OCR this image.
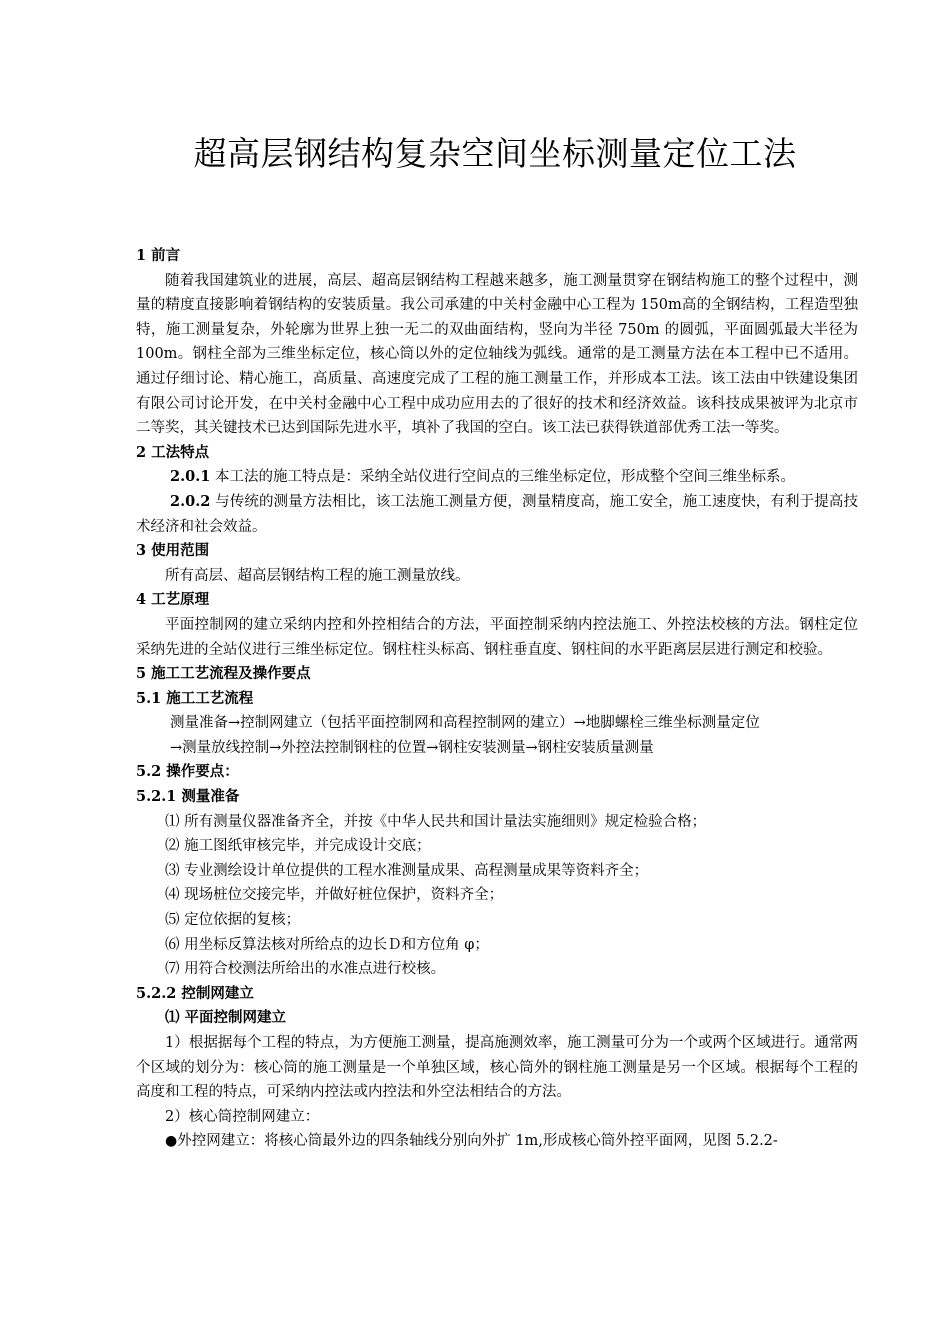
超高层钢结构复杂空间坐标测量定位工法

1 前言

随着我国建筑业的进展，高层、超高层钢结构工程越来越多，施工测量贯穿在钢结构施工的整个过程中，测量的精度直接影响着钢结构的安装质量。我公司承建的中关村金融中心工程为 150m高的全钢结构，工程造型独特，施工测量复杂，外轮廓为世界上独一无二的双曲面结构，竖向为半径 750m 的圆弧，平面圆弧最大半径为 100m。钢柱全部为三维坐标定位，核心筒以外的定位轴线为弧线。通常的是工测量方法在本工程中已不适用。通过仔细讨论、精心施工，高质量、高速度完成了工程的施工测量工作，并形成本工法。该工法由中铁建设集团有限公司讨论开发，在中关村金融中心工程中成功应用去的了很好的技术和经济效益。该科技成果被评为北京市二等奖，其关键技术已达到国际先进水平，填补了我国的空白。该工法已获得铁道部优秀工法一等奖。

2 工法特点

2.0.1 本工法的施工特点是：采纳全站仪进行空间点的三维坐标定位，形成整个空间三维坐标系。

2.0.2 与传统的测量方法相比，该工法施工测量方便，测量精度高，施工安全，施工速度快，有利于提高技术经济和社会效益。

3 使用范围

所有高层、超高层钢结构工程的施工测量放线。

4 工艺原理

平面控制网的建立采纳内控和外控相结合的方法，平面控制采纳内控法施工、外控法校核的方法。钢柱定位采纳先进的全站仪进行三维坐标定位。钢柱柱头标高、钢柱垂直度、钢柱间的水平距离层层进行测定和校验。

5 施工工艺流程及操作要点

5.1 施工工艺流程

测量准备→控制网建立（包括平面控制网和高程控制网的建立）→地脚螺栓三维坐标测量定位

→测量放线控制→外控法控制钢柱的位置→钢柱安装测量→钢柱安装质量测量

5.2 操作要点：

5.2.1 测量准备

⑴ 所有测量仪器准备齐全，并按《中华人民共和国计量法实施细则》规定检验合格；

⑵ 施工图纸审核完毕，并完成设计交底；

⑶ 专业测绘设计单位提供的工程水准测量成果、高程测量成果等资料齐全；

⑷ 现场桩位交接完毕，并做好桩位保护，资料齐全；

⑸ 定位依据的复核；

⑹ 用坐标反算法核对所给点的边长Ｄ和方位角 φ；

⑺ 用符合校测法所给出的水准点进行校核。

5.2.2 控制网建立

⑴ 平面控制网建立

1）根据据每个工程的特点，为方便施工测量，提高施测效率，施工测量可分为一个或两个区域进行。通常两个区域的划分为：核心筒的施工测量是一个单独区域，核心筒外的钢柱施工测量是另一个区域。根据每个工程的高度和工程的特点，可采纳内控法或内控法和外空法相结合的方法。

2）核心筒控制网建立：

●外控网建立：将核心筒最外边的四条轴线分别向外扩 1m,形成核心筒外控平面网，见图 5.2.2-
